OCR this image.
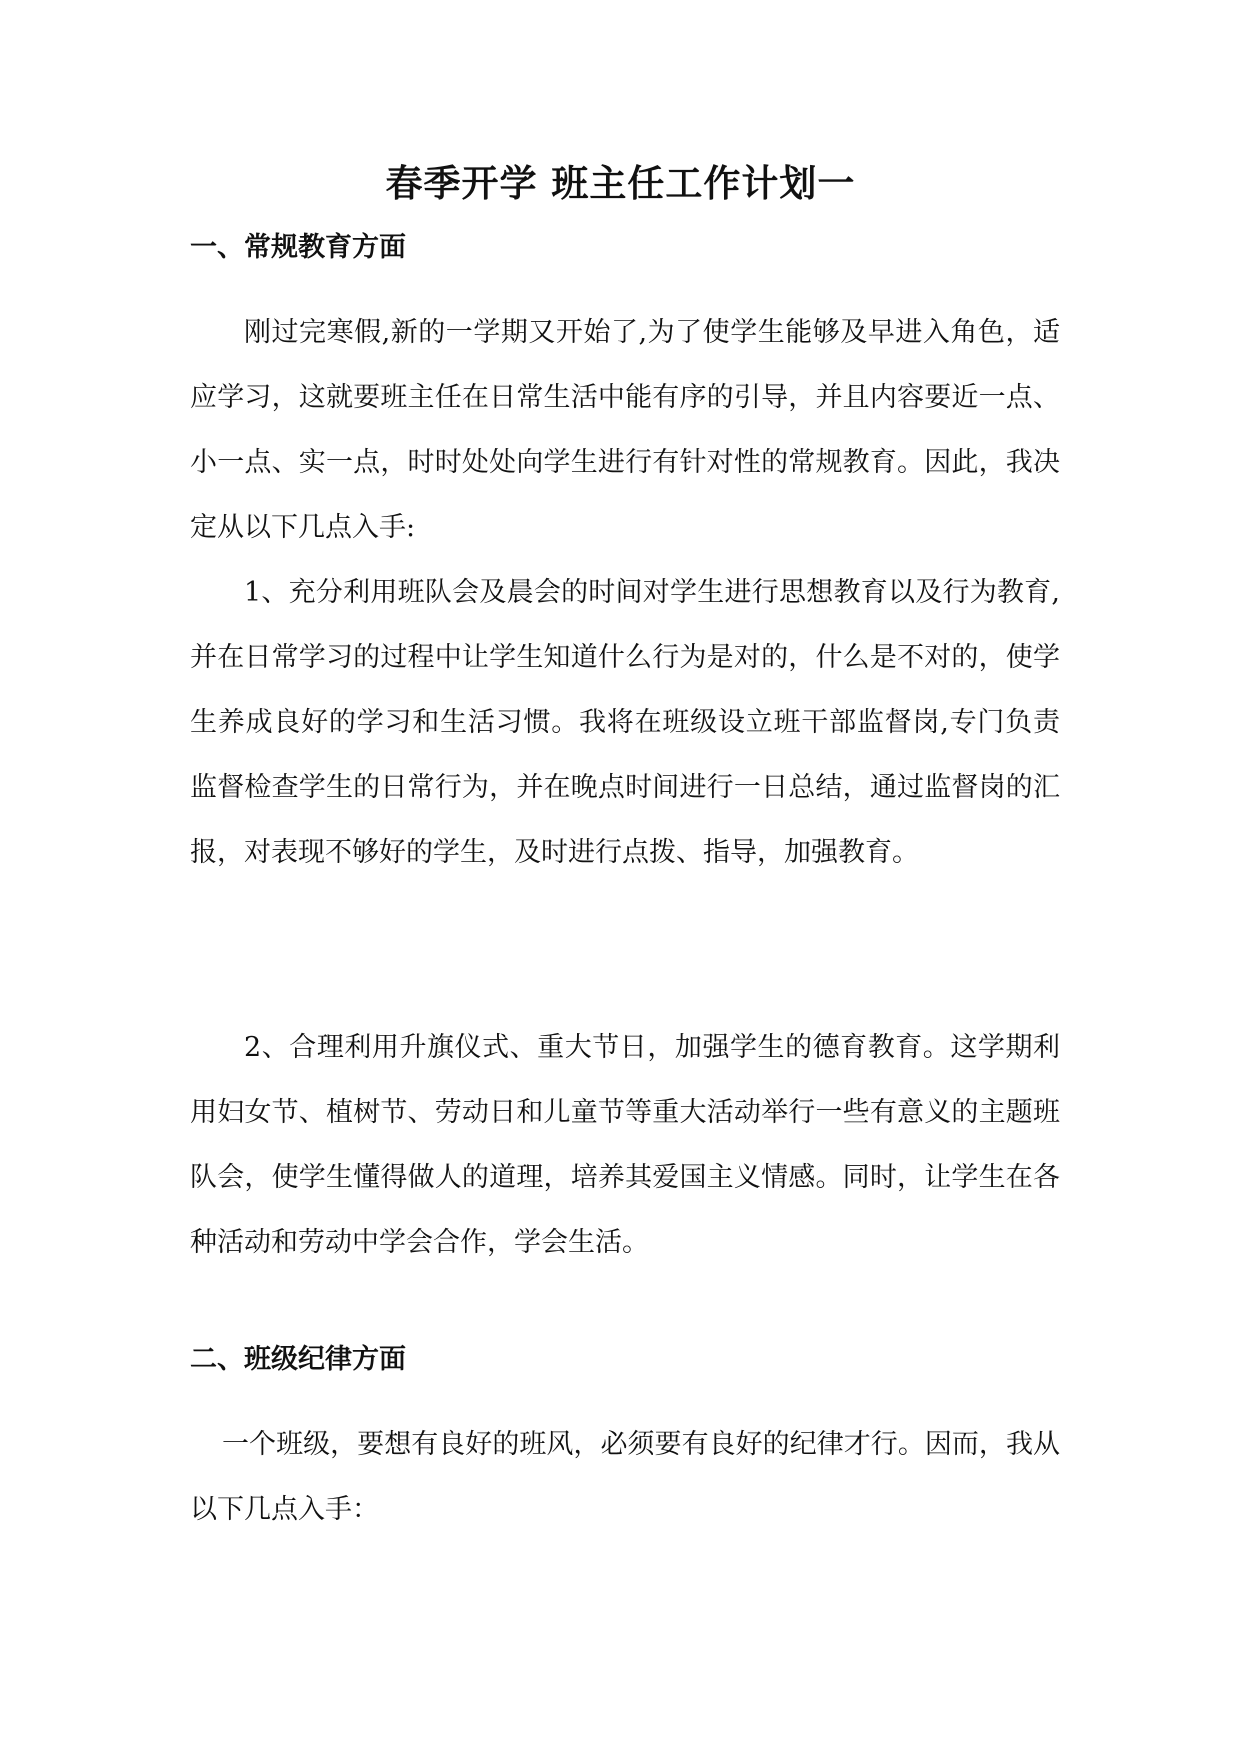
春季开学 班主任工作计划一
一、常规教育方面

刚过完寒假,新的一学期又开始了,为了使学生能够及早进入角色，适应学习，这就要班主任在日常生活中能有序的引导，并且内容要近一点、小一点、实一点，时时处处向学生进行有针对性的常规教育。因此，我决定从以下几点入手:

1、充分利用班队会及晨会的时间对学生进行思想教育以及行为教育,并在日常学习的过程中让学生知道什么行为是对的，什么是不对的，使学生养成良好的学习和生活习惯。我将在班级设立班干部监督岗,专门负责监督检查学生的日常行为，并在晚点时间进行一日总结，通过监督岗的汇报，对表现不够好的学生，及时进行点拨、指导，加强教育。

2、合理利用升旗仪式、重大节日，加强学生的德育教育。这学期利用妇女节、植树节、劳动日和儿童节等重大活动举行一些有意义的主题班队会，使学生懂得做人的道理，培养其爱国主义情感。同时，让学生在各种活动和劳动中学会合作，学会生活。

二、班级纪律方面

一个班级，要想有良好的班风，必须要有良好的纪律才行。因而，我从以下几点入手：
